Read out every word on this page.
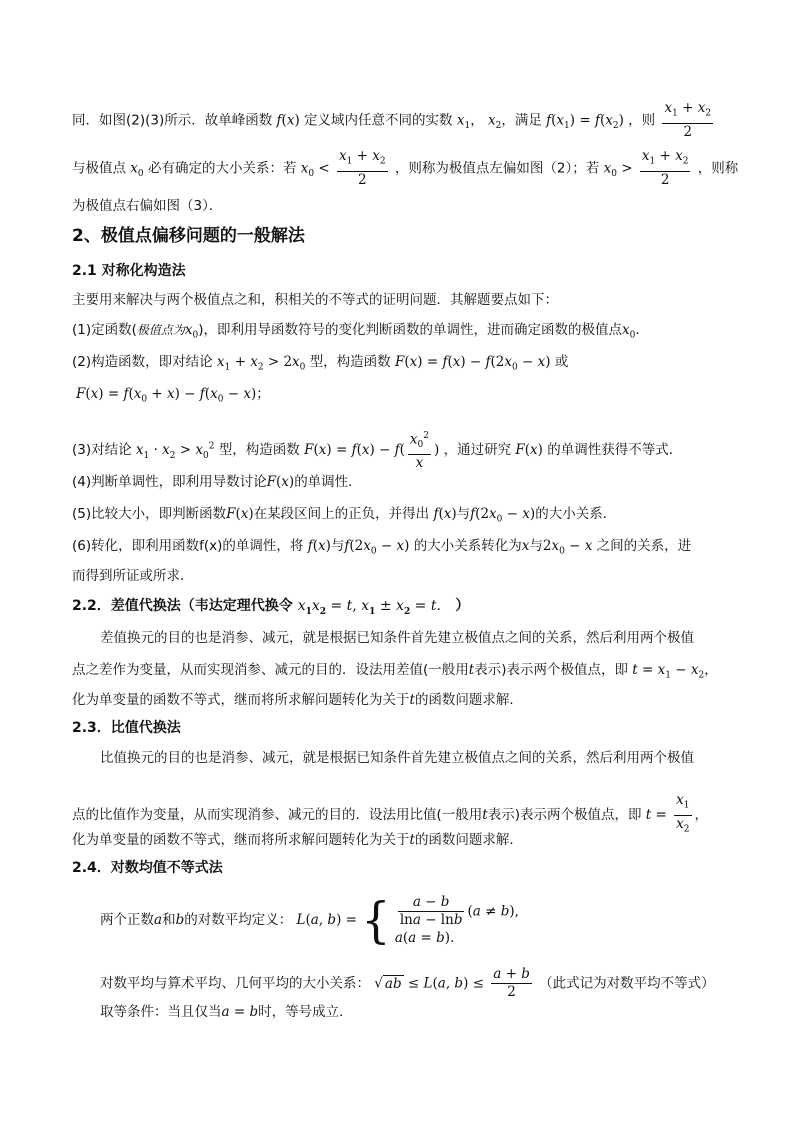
同．如图(2)(3)所示．故单峰函数 f(x) 定义域内任意不同的实数 $x_1$， $x_2$，满足 $f(x_1) = f(x_2)$ ，则 $\frac{x_1 + x_2}{2}$
与极值点 $x_0$ 必有确定的大小关系：若 $x_0 < \frac{x_1 + x_2}{2}$ ，则称为极值点左偏如图（2）；若 $x_0 > \frac{x_1 + x_2}{2}$ ，则称
为极值点右偏如图（3）．
2、极值点偏移问题的一般解法
2.1 对称化构造法
主要用来解决与两个极值点之和，积相关的不等式的证明问题．其解题要点如下：
(1)定函数(极值点为$x_0$)，即利用导函数符号的变化判断函数的单调性，进而确定函数的极值点$x_0$．
(2)构造函数，即对结论 $x_1 + x_2 > 2x_0$ 型，构造函数 $F(x) = f(x) - f(2x_0 - x)$ 或
$F(x) = f(x_0 + x) - f(x_0 - x)$；
(3)对结论 $x_1 \cdot x_2 > x_0^2$ 型，构造函数 $F(x) = f(x) - f( \frac{x_0^2}{x}$ ) ，通过研究 F(x) 的单调性获得不等式．
(4)判断单调性，即利用导数讨论F(x)的单调性．
(5)比较大小，即判断函数F(x)在某段区间上的正负，并得出 f(x)与$f(2x_0 - x)$的大小关系．
(6)转化，即利用函数f(x)的单调性，将 f(x)与$f(2x_0 - x)$ 的大小关系转化为x与$2x_0 - x$ 之间的关系，进
而得到所证或所求．
2.2．差值代换法（韦达定理代换令 $x_1x_2 = t$, $x_1 \pm x_2 = t$． ）
差值换元的目的也是消参、减元，就是根据已知条件首先建立极值点之间的关系，然后利用两个极值
点之差作为变量，从而实现消参、减元的目的．设法用差值(一般用t表示)表示两个极值点，即 $t = x_1 - x_2$，
化为单变量的函数不等式，继而将所求解问题转化为关于t的函数问题求解．
2.3．比值代换法
比值换元的目的也是消参、减元，就是根据已知条件首先建立极值点之间的关系，然后利用两个极值
点的比值作为变量，从而实现消参、减元的目的．设法用比值(一般用t表示)表示两个极值点，即 $t = \frac{x_1}{x_2}$ ，
化为单变量的函数不等式，继而将所求解问题转化为关于t的函数问题求解．
2.4．对数均值不等式法
两个正数a和b的对数平均定义： L(a, b) = { $\frac{a - b}{\ln a - \ln b} (a \ne b)$,
a(a = b).
对数平均与算术平均、几何平均的大小关系： √ ab ≤ L(a, $b) \le \frac{a + b}{2}$ （此式记为对数平均不等式）
取等条件：当且仅当a = b时，等号成立．
